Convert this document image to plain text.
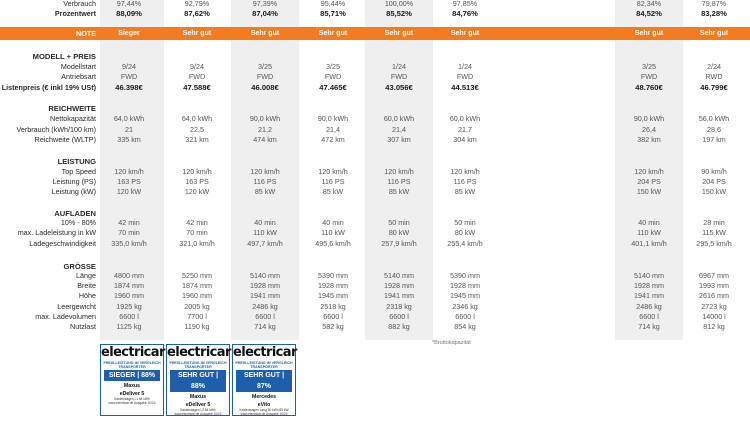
Verbrauch	97,44%	92,79%	97,39%	95,44%	100,00%	97,85%	82,34%	79,87%
Prozentwert	88,09%	87,62%	87,04%	85,71%	85,52%	84,76%	84,52%	83,28%
MODELL + PREIS
Modellstart	9/24	9/24	3/25	3/25	1/24	1/24	3/25	2/24
Antriebsart	FWD	FWD	FWD	FWD	FWD	FWD	FWD	RWD
Listenpreis (€ inkl 19% USt)	46.398€	47.588€	46.008€	47.465€	43.056€	44.513€	48.760€	46.799€
REICHWEITE
Nettokapazität	64,0 kWh	64,0 kWh	90,0 kWh	90,0 kWh	60,0 kWh	60,0 kWh	90,0 kWh	56,0 kWh
Verbrauch (kWh/100 km)	21	22,5	21,2	21,4	21,4	21,7	26,4	28,6
Reichweite (WLTP)	335 km	321 km	474 km	472 km	307 km	304 km	382 km	197 km
LEISTUNG
Top Speed	120 km/h	120 km/h	120 km/h	120 km/h	120 km/h	120 km/h	120 km/h	90 km/h
Leistung (PS)	163 PS	163 PS	116 PS	116 PS	116 PS	116 PS	204 PS	204 PS
Leistung (kW)	120 kW	120 kW	85 kW	85 kW	85 kW	85 kW	150 kW	150 kW
AUFLADEN
10% - 80%	42 min	42 min	40 min	40 min	50 min	50 min	40 min	28 min
max. Ladeleistung in kW	70 min	70 min	110 kW	110 kW	80 kW	80 kW	110 kW	115 kW
Ladegeschwindigkeit	335,0 km/h	321,0 km/h	497,7 km/h	495,6 km/h	257,9 km/h	255,4 km/h	401,1 km/h	295,5 km/h
GRÖSSE
Länge	4800 mm	5250 mm	5140 mm	5390 mm	5140 mm	5390 mm	5140 mm	6967 mm
Breite	1874 mm	1874 mm	1928 mm	1928 mm	1928 mm	1928 mm	1928 mm	1993 mm
Höhe	1960 mm	1960 mm	1941 mm	1945 mm	1941 mm	1945 mm	1941 mm	2616 mm
Leergewicht	1925 kg	2005 kg	2486 kg	2518 kg	2318 kg	2346 kg	2486 kg	2723 kg
max. Ladevolumen	6600 l	7700 l	6600 l	6600 l	6600 l	6600 l	6600 l	14000 l
Nutzlast	1125 kg	1190 kg	714 kg	582 kg	882 kg	854 kg	714 kg	812 kg
NOTE	Sieger	Sehr gut	Sehr gut	Sehr gut	Sehr gut	Sehr gut	Sehr gut	Sehr gut
*Bruttokapazität
electricar
PREIS-LEISTUNG IM VERGLEICH
TRANSPORTER
SIEGER | 88%
Maxus
eDeliver 5
Kastenwagen L1 64 kWh
www.electricar.de Ausgabe 10/24
electricar
PREIS-LEISTUNG IM VERGLEICH
TRANSPORTER
SEHR GUT | 88%
Maxus
eDeliver 5
Kastenwagen L2 64 kWh
www.electricar.de Ausgabe 10/24
electricar
PREIS-LEISTUNG IM VERGLEICH
TRANSPORTER
SEHR GUT | 87%
Mercedes
eVito
Kastenwagen Lang 90 kWh 85 kW
www.electricar.de Ausgabe 10/24
